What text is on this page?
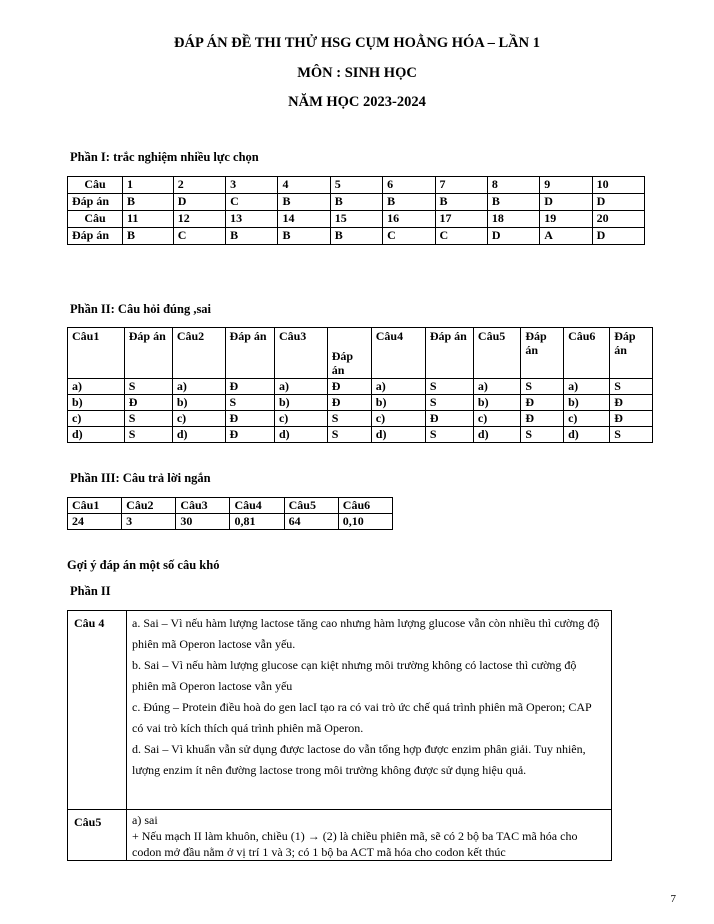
ĐÁP ÁN ĐỀ THI THỬ HSG CỤM HOẰNG HÓA – LẦN 1
MÔN : SINH HỌC
NĂM HỌC 2023-2024
Phần I: trắc nghiệm nhiều lực chọn
Câu	1	2	3	4	5	6	7	8	9	10
Đáp án	B	D	C	B	B	B	B	B	D	D
Câu	11	12	13	14	15	16	17	18	19	20
Đáp án	B	C	B	B	B	C	C	D	A	D
Phần II: Câu hỏi đúng ,sai
Câu1	Đáp án	Câu2	Đáp án	Câu3	Đáp án	Câu4	Đáp án	Câu5	Đáp án	Câu6	Đáp án
a)	S	a)	Đ	a)	Đ	a)	S	a)	S	a)	S
b)	Đ	b)	S	b)	Đ	b)	S	b)	Đ	b)	Đ
c)	S	c)	Đ	c)	S	c)	Đ	c)	Đ	c)	Đ
d)	S	d)	Đ	d)	S	d)	S	d)	S	d)	S
Phần III: Câu trả lời ngắn
Câu1	Câu2	Câu3	Câu4	Câu5	Câu6
24	3	30	0,81	64	0,10
Gợi ý đáp án một số câu khó
Phần II
Câu 4	a. Sai – Vì nếu hàm lượng lactose tăng cao nhưng hàm lượng glucose vẫn còn nhiều thì cường độ phiên mã Operon lactose vẫn yếu.
b. Sai – Vì nếu hàm lượng glucose cạn kiệt nhưng môi trường không có lactose thì cường độ phiên mã Operon lactose vẫn yếu
c. Đúng – Protein điều hoà do gen lacI tạo ra có vai trò ức chế quá trình phiên mã Operon; CAP có vai trò kích thích quá trình phiên mã Operon.
d. Sai – Vì khuẩn vẫn sử dụng được lactose do vẫn tổng hợp được enzim phân giải. Tuy nhiên, lượng enzim ít nên đường lactose trong môi trường không được sử dụng hiệu quả.

Câu5	a) sai
+ Nếu mạch II làm khuôn, chiều (1) → (2) là chiều phiên mã, sẽ có 2 bộ ba TAC mã hóa cho codon mở đầu nằm ở vị trí 1 và 3; có 1 bộ ba ACT mã hóa cho codon kết thúc
7
